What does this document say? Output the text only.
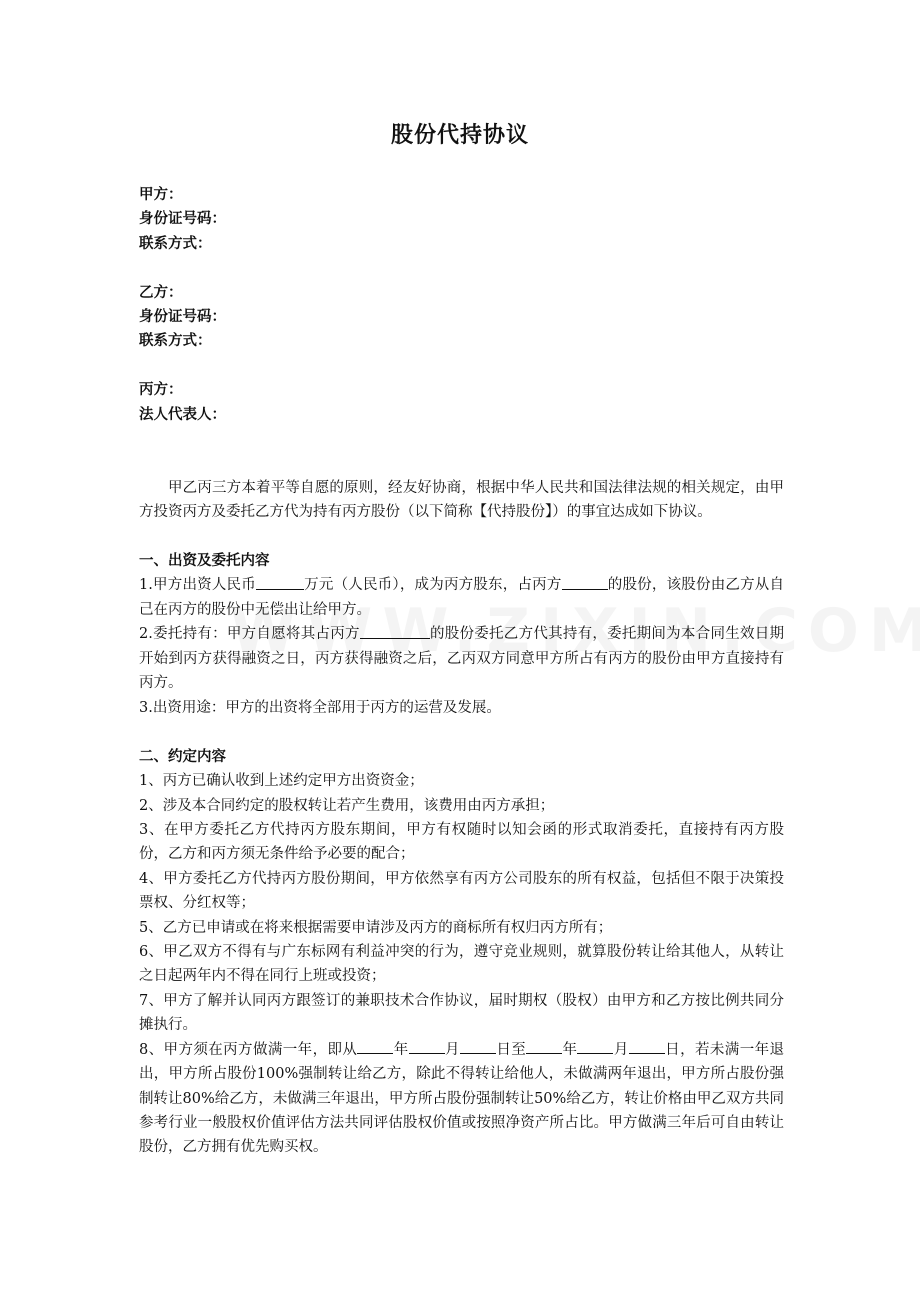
股份代持协议

甲方：

身份证号码：

联系方式：

乙方：

身份证号码：

联系方式：

丙方：

法人代表人：

甲乙丙三方本着平等自愿的原则，经友好协商，根据中华人民共和国法律法规的相关规定，由甲方投资丙方及委托乙方代为持有丙方股份（以下简称【代持股份】）的事宜达成如下协议。

一、出资及委托内容

1.甲方出资人民币	万元（人民币），成为丙方股东，占丙方	的股份，该股份由乙方从自己在丙方的股份中无偿出让给甲方。

2.委托持有：甲方自愿将其占丙方	的股份委托乙方代其持有，委托期间为本合同生效日期开始到丙方获得融资之日，丙方获得融资之后，乙丙双方同意甲方所占有丙方的股份由甲方直接持有丙方。

3.出资用途：甲方的出资将全部用于丙方的运营及发展。

二、约定内容

1、丙方已确认收到上述约定甲方出资资金；

2、涉及本合同约定的股权转让若产生费用，该费用由丙方承担；

3、在甲方委托乙方代持丙方股东期间，甲方有权随时以知会函的形式取消委托，直接持有丙方股份，乙方和丙方须无条件给予必要的配合；

4、甲方委托乙方代持丙方股份期间，甲方依然享有丙方公司股东的所有权益，包括但不限于决策投票权、分红权等；

5、乙方已申请或在将来根据需要申请涉及丙方的商标所有权归丙方所有；

6、甲乙双方不得有与广东标网有利益冲突的行为，遵守竞业规则，就算股份转让给其他人，从转让之日起两年内不得在同行上班或投资；

7、甲方了解并认同丙方跟签订的兼职技术合作协议，届时期权（股权）由甲方和乙方按比例共同分摊执行。

8、甲方须在丙方做满一年，即从 年 月 日至 年 月 日，若未满一年退出，甲方所占股份100%强制转让给乙方，除此不得转让给他人，未做满两年退出，甲方所占股份强制转让80%给乙方，未做满三年退出，甲方所占股份强制转让50%给乙方，转让价格由甲乙双方共同参考行业一般股权价值评估方法共同评估股权价值或按照净资产所占比。甲方做满三年后可自由转让股份，乙方拥有优先购买权。
